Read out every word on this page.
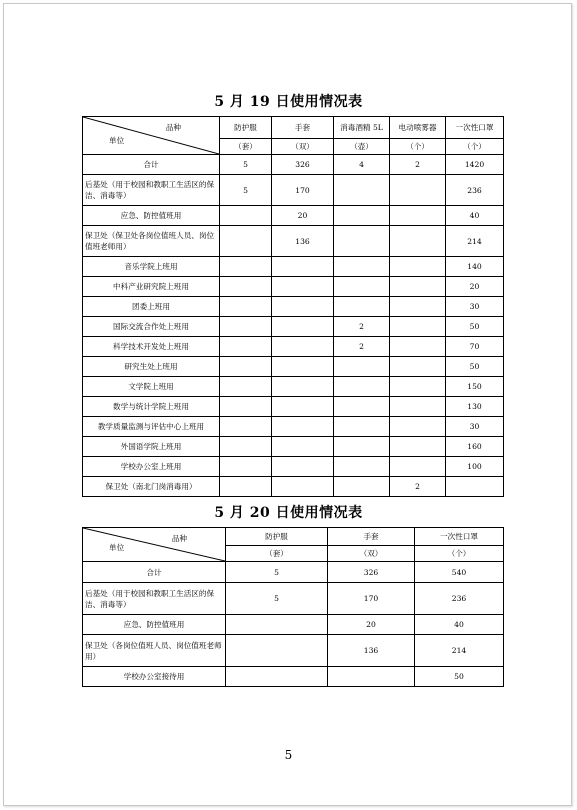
5 月 19 日使用情况表
品种
单位	防护服	手套	消毒酒精 5L	电动喷雾器	一次性口罩
	（套）	（双）	（壶）	（个）	（个）
合计	5	326	4	2	1420
后基处（用于校园和教职工生活区的保洁、消毒等）	5	170			236
应急、防控值班用		20			40
保卫处（保卫处各岗位值班人员、岗位值班老师用）		136			214
音乐学院上班用					140
中科产业研究院上班用					20
团委上班用					30
国际交流合作处上班用			2		50
科学技术开发处上班用			2		70
研究生处上班用					50
文学院上班用					150
数学与统计学院上班用					130
教学质量监测与评估中心上班用					30
外国语学院上班用					160
学校办公室上班用					100
保卫处（南北门岗消毒用）				2	
5 月 20 日使用情况表
品种
单位	防护服	手套	一次性口罩
	（套）	（双）	（个）
合计	5	326	540
后基处（用于校园和教职工生活区的保洁、消毒等）	5	170	236
应急、防控值班用		20	40
保卫处（各岗位值班人员、岗位值班老师用）		136	214
学校办公室接待用			50
5
